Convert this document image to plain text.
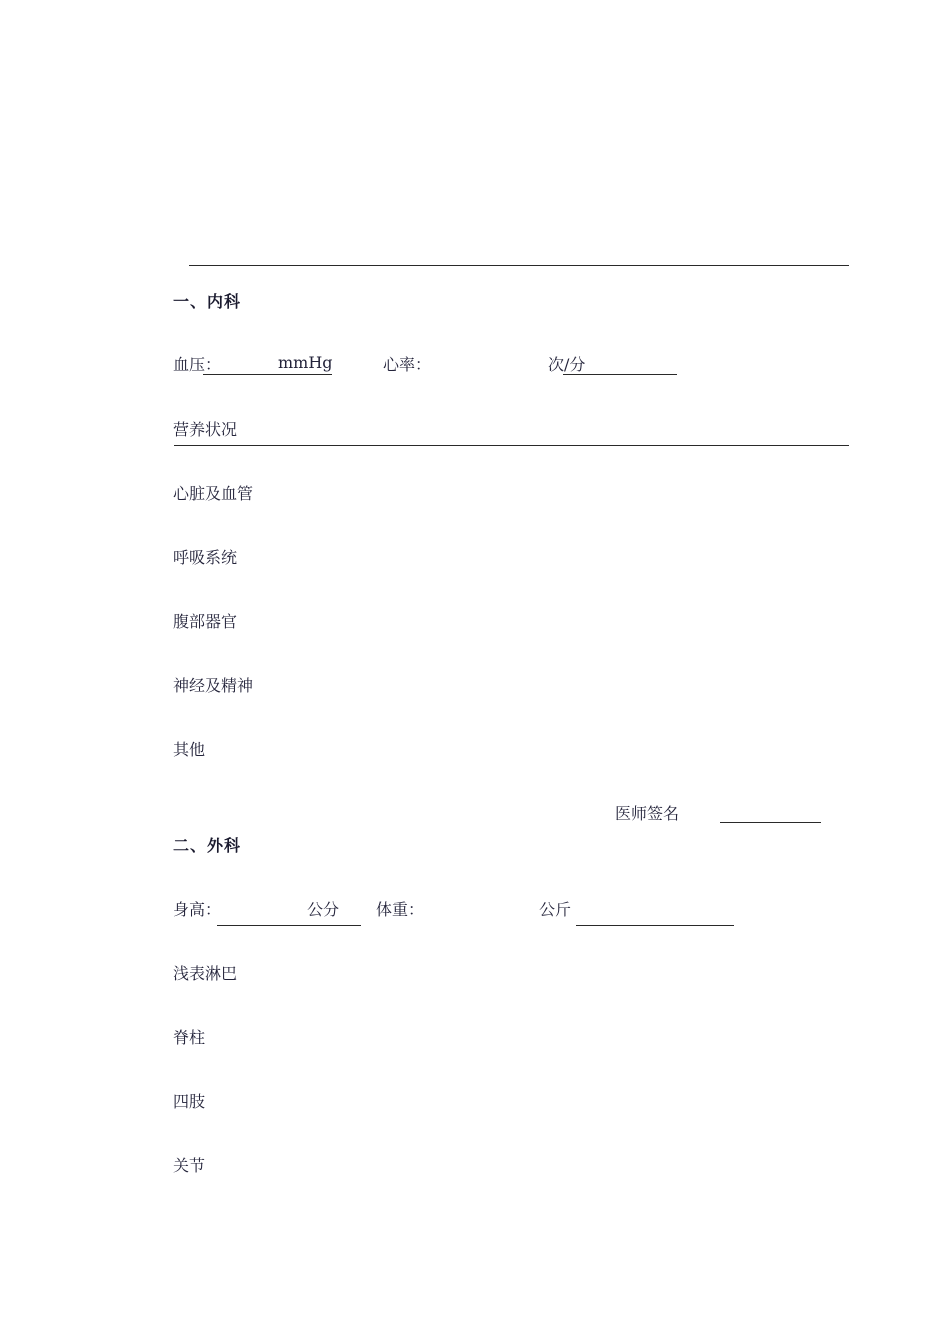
一、内科
血压：	mmHg	心率：	次/分
营养状况
心脏及血管
呼吸系统
腹部器官
神经及精神
其他
医师签名
二、外科
身高：	公分 体重：	公斤
浅表淋巴
脊柱
四肢
关节
